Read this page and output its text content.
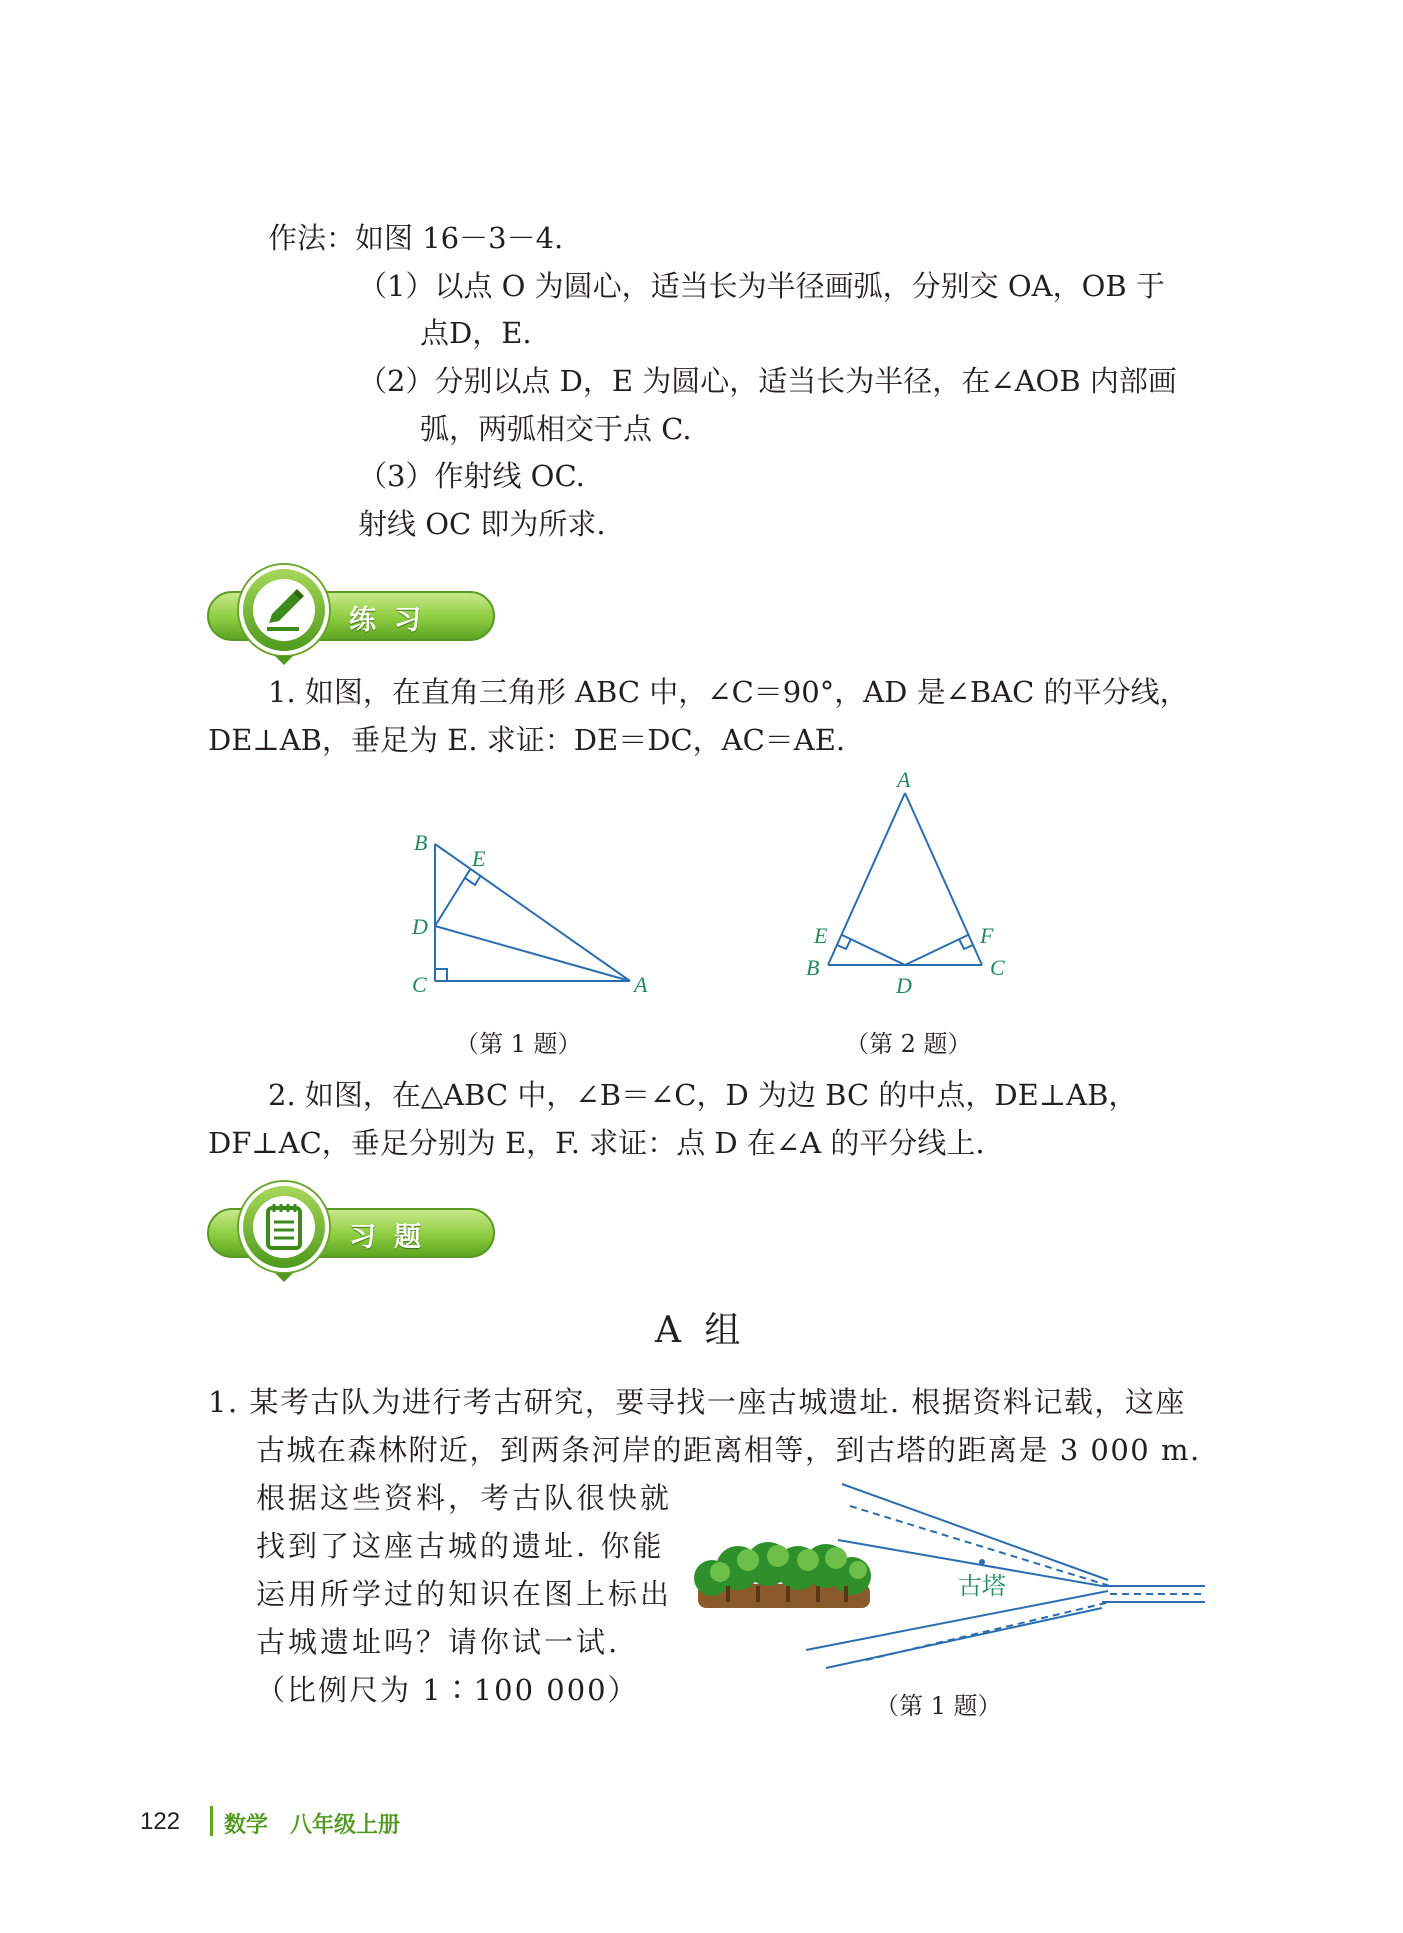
作法：如图 16－3－4.
（1）以点 O 为圆心，适当长为半径画弧，分别交 OA，OB 于
点D，E.
（2）分别以点 D，E 为圆心，适当长为半径，在∠AOB 内部画
弧，两弧相交于点 C.
（3）作射线 OC.
射线 OC 即为所求.
练习
1. 如图，在直角三角形 ABC 中，∠C＝90°，AD 是∠BAC 的平分线，
DE⊥AB，垂足为 E. 求证：DE＝DC，AC＝AE.
B
E
D
C	A
（第 1 题）
A
E	F
B
D
C
（第 2 题）
2. 如图，在△ABC 中，∠B＝∠C，D 为边 BC 的中点，DE⊥AB，
DF⊥AC，垂足分别为 E，F. 求证：点 D 在∠A 的平分线上.
习题
A 组
1. 某考古队为进行考古研究，要寻找一座古城遗址. 根据资料记载，这座
古城在森林附近，到两条河岸的距离相等，到古塔的距离是 3 000 m.
根据这些资料，考古队很快就
找到了这座古城的遗址. 你能
运用所学过的知识在图上标出
古城遗址吗？请你试一试.
（比例尺为 1∶100 000）
古塔
（第 1 题）
122 数学　八年级上册
